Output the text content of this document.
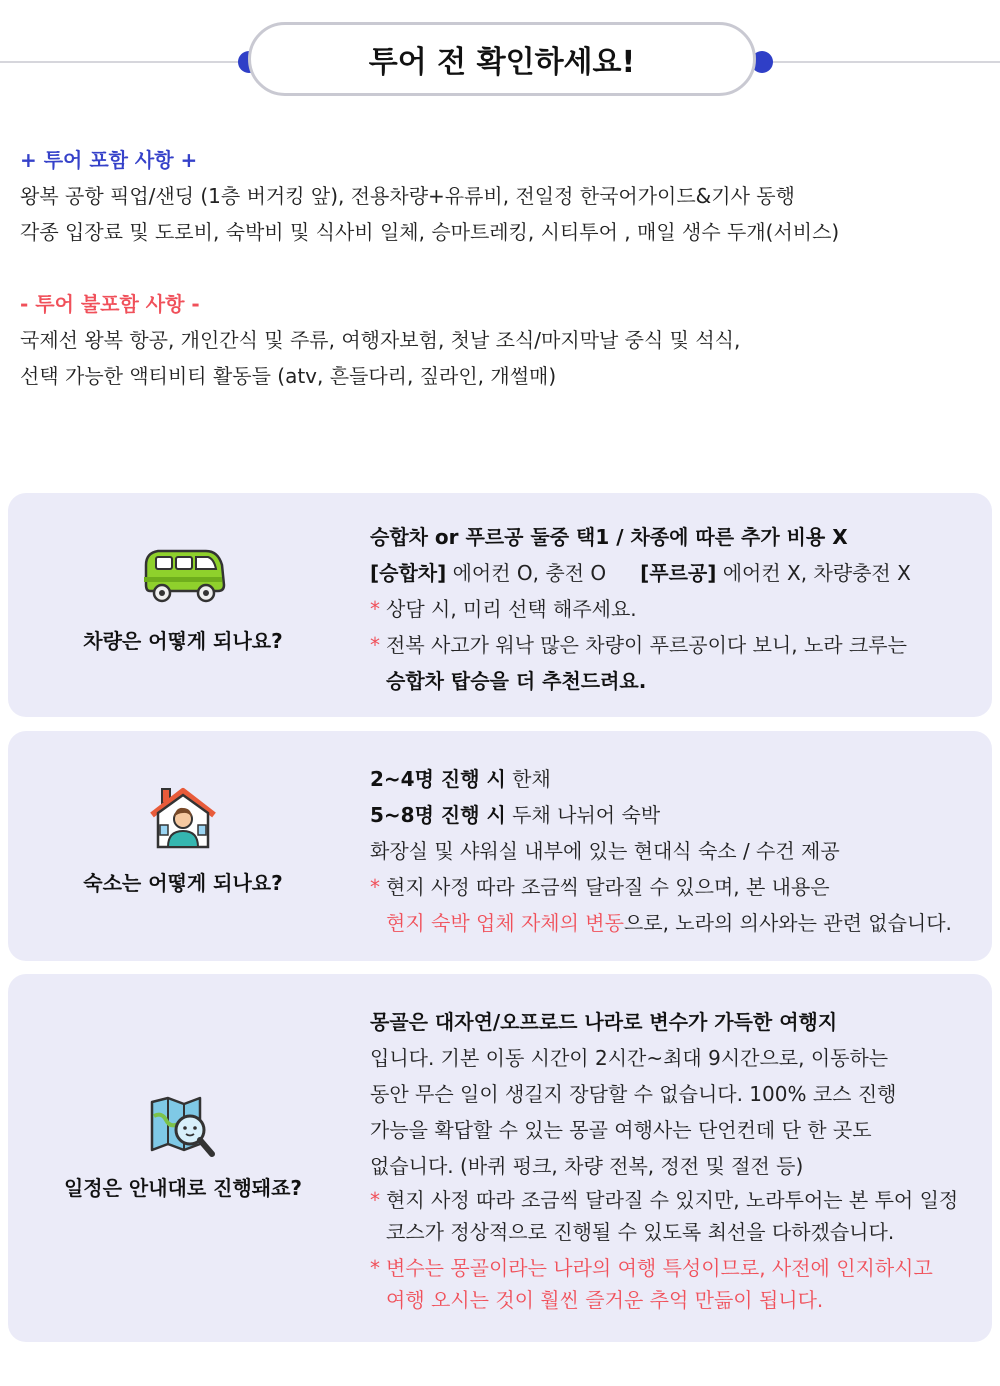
투어 전 확인하세요!
+ 투어 포함 사항 +
왕복 공항 픽업/샌딩 (1층 버거킹 앞), 전용차량+유류비, 전일정 한국어가이드&기사 동행
각종 입장료 및 도로비, 숙박비 및 식사비 일체, 승마트레킹, 시티투어 , 매일 생수 두개(서비스)
- 투어 불포함 사항 -
국제선 왕복 항공, 개인간식 및 주류, 여행자보험, 첫날 조식/마지막날 중식 및 석식,
선택 가능한 액티비티 활동들 (atv, 흔들다리, 짚라인, 개썰매)
차량은 어떻게 되나요?
승합차 or 푸르공 둘중 택1 / 차종에 따른 추가 비용 X
[승합차] 에어컨 O, 충전 O [푸르공] 에어컨 X, 차량충전 X
* 상담 시, 미리 선택 해주세요.
* 전복 사고가 워낙 많은 차량이 푸르공이다 보니, 노라 크루는
승합차 탑승을 더 추천드려요.
숙소는 어떻게 되나요?
2~4명 진행 시 한채
5~8명 진행 시 두채 나뉘어 숙박
화장실 및 샤워실 내부에 있는 현대식 숙소 / 수건 제공
* 현지 사정 따라 조금씩 달라질 수 있으며, 본 내용은
현지 숙박 업체 자체의 변동으로, 노라의 의사와는 관련 없습니다.
일정은 안내대로 진행돼죠?
몽골은 대자연/오프로드 나라로 변수가 가득한 여행지
입니다. 기본 이동 시간이 2시간~최대 9시간으로, 이동하는
동안 무슨 일이 생길지 장담할 수 없습니다. 100% 코스 진행
가능을 확답할 수 있는 몽골 여행사는 단언컨데 단 한 곳도
없습니다. (바퀴 펑크, 차량 전복, 정전 및 절전 등)
* 현지 사정 따라 조금씩 달라질 수 있지만, 노라투어는 본 투어 일정
코스가 정상적으로 진행될 수 있도록 최선을 다하겠습니다.
* 변수는 몽골이라는 나라의 여행 특성이므로, 사전에 인지하시고
여행 오시는 것이 훨씬 즐거운 추억 만듦이 됩니다.
